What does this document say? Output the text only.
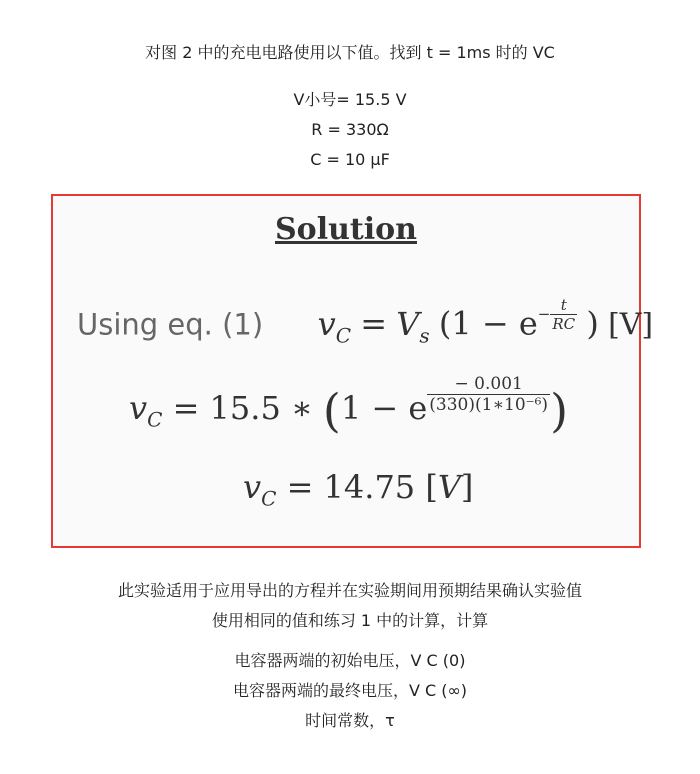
对图 2 中的充电电路使用以下值。找到 t = 1ms 时的 VC
V小号= 15.5 V
R = 330Ω
C = 10 μF
Solution
Using eq. (1) $v_C = V_s$ ($1 - e^{- \frac{t}{RC}}$ ) [V]
$v_C = 15.5$ ∗ (1 − e $^{\frac{- 0.001}{\text{(330)(1∗10⁻⁶)}}}$ )
$v_C = 14.75$ [V]
此实验适用于应用导出的方程并在实验期间用预期结果确认实验值
使用相同的值和练习 1 中的计算，计算
电容器两端的初始电压，V C (0)
电容器两端的最终电压，V C (∞)
时间常数，τ
